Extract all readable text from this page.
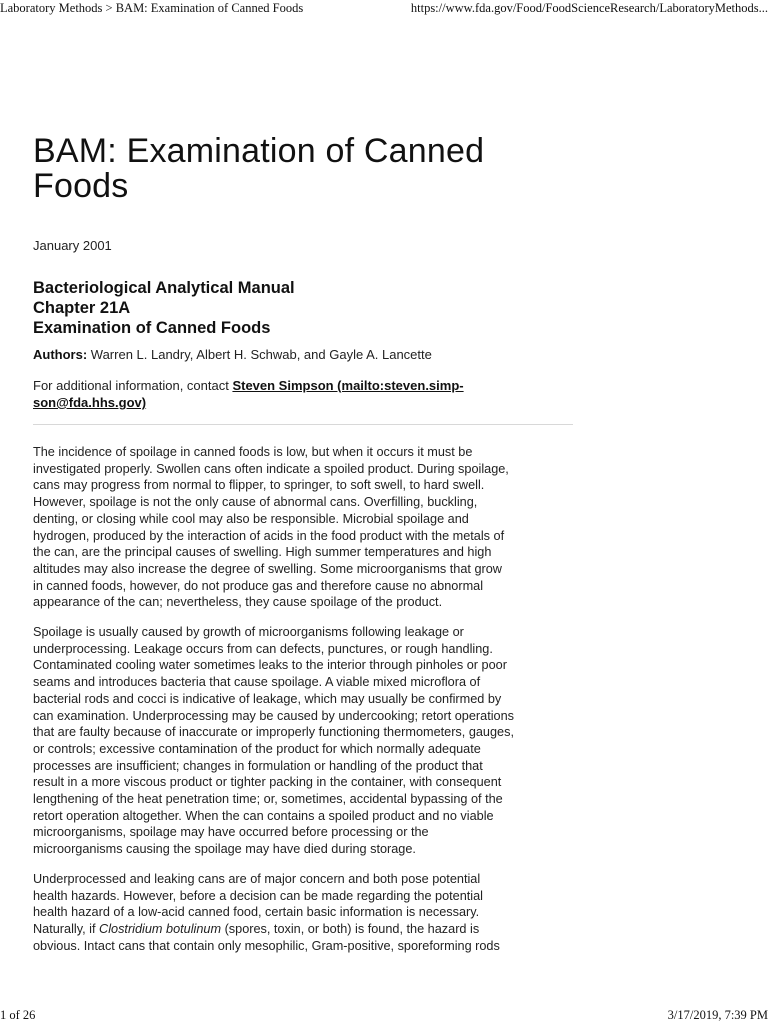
Laboratory Methods > BAM: Examination of Canned Foods	https://www.fda.gov/Food/FoodScienceResearch/LaboratoryMethods...
BAM: Examination of Canned
Foods
January 2001
Bacteriological Analytical Manual
Chapter 21A
Examination of Canned Foods
Authors: Warren L. Landry, Albert H. Schwab, and Gayle A. Lancette
For additional information, contact Steven Simpson (mailto:steven.simp-
son@fda.hhs.gov)

The incidence of spoilage in canned foods is low, but when it occurs it must be
investigated properly. Swollen cans often indicate a spoiled product. During spoilage,
cans may progress from normal to flipper, to springer, to soft swell, to hard swell.
However, spoilage is not the only cause of abnormal cans. Overfilling, buckling,
denting, or closing while cool may also be responsible. Microbial spoilage and
hydrogen, produced by the interaction of acids in the food product with the metals of
the can, are the principal causes of swelling. High summer temperatures and high
altitudes may also increase the degree of swelling. Some microorganisms that grow
in canned foods, however, do not produce gas and therefore cause no abnormal
appearance of the can; nevertheless, they cause spoilage of the product.

Spoilage is usually caused by growth of microorganisms following leakage or
underprocessing. Leakage occurs from can defects, punctures, or rough handling.
Contaminated cooling water sometimes leaks to the interior through pinholes or poor
seams and introduces bacteria that cause spoilage. A viable mixed microflora of
bacterial rods and cocci is indicative of leakage, which may usually be confirmed by
can examination. Underprocessing may be caused by undercooking; retort operations
that are faulty because of inaccurate or improperly functioning thermometers, gauges,
or controls; excessive contamination of the product for which normally adequate
processes are insufficient; changes in formulation or handling of the product that
result in a more viscous product or tighter packing in the container, with consequent
lengthening of the heat penetration time; or, sometimes, accidental bypassing of the
retort operation altogether. When the can contains a spoiled product and no viable
microorganisms, spoilage may have occurred before processing or the
microorganisms causing the spoilage may have died during storage.

Underprocessed and leaking cans are of major concern and both pose potential
health hazards. However, before a decision can be made regarding the potential
health hazard of a low-acid canned food, certain basic information is necessary.
Naturally, if Clostridium botulinum (spores, toxin, or both) is found, the hazard is
obvious. Intact cans that contain only mesophilic, Gram-positive, sporeforming rods

1 of 26	3/17/2019, 7:39 PM
